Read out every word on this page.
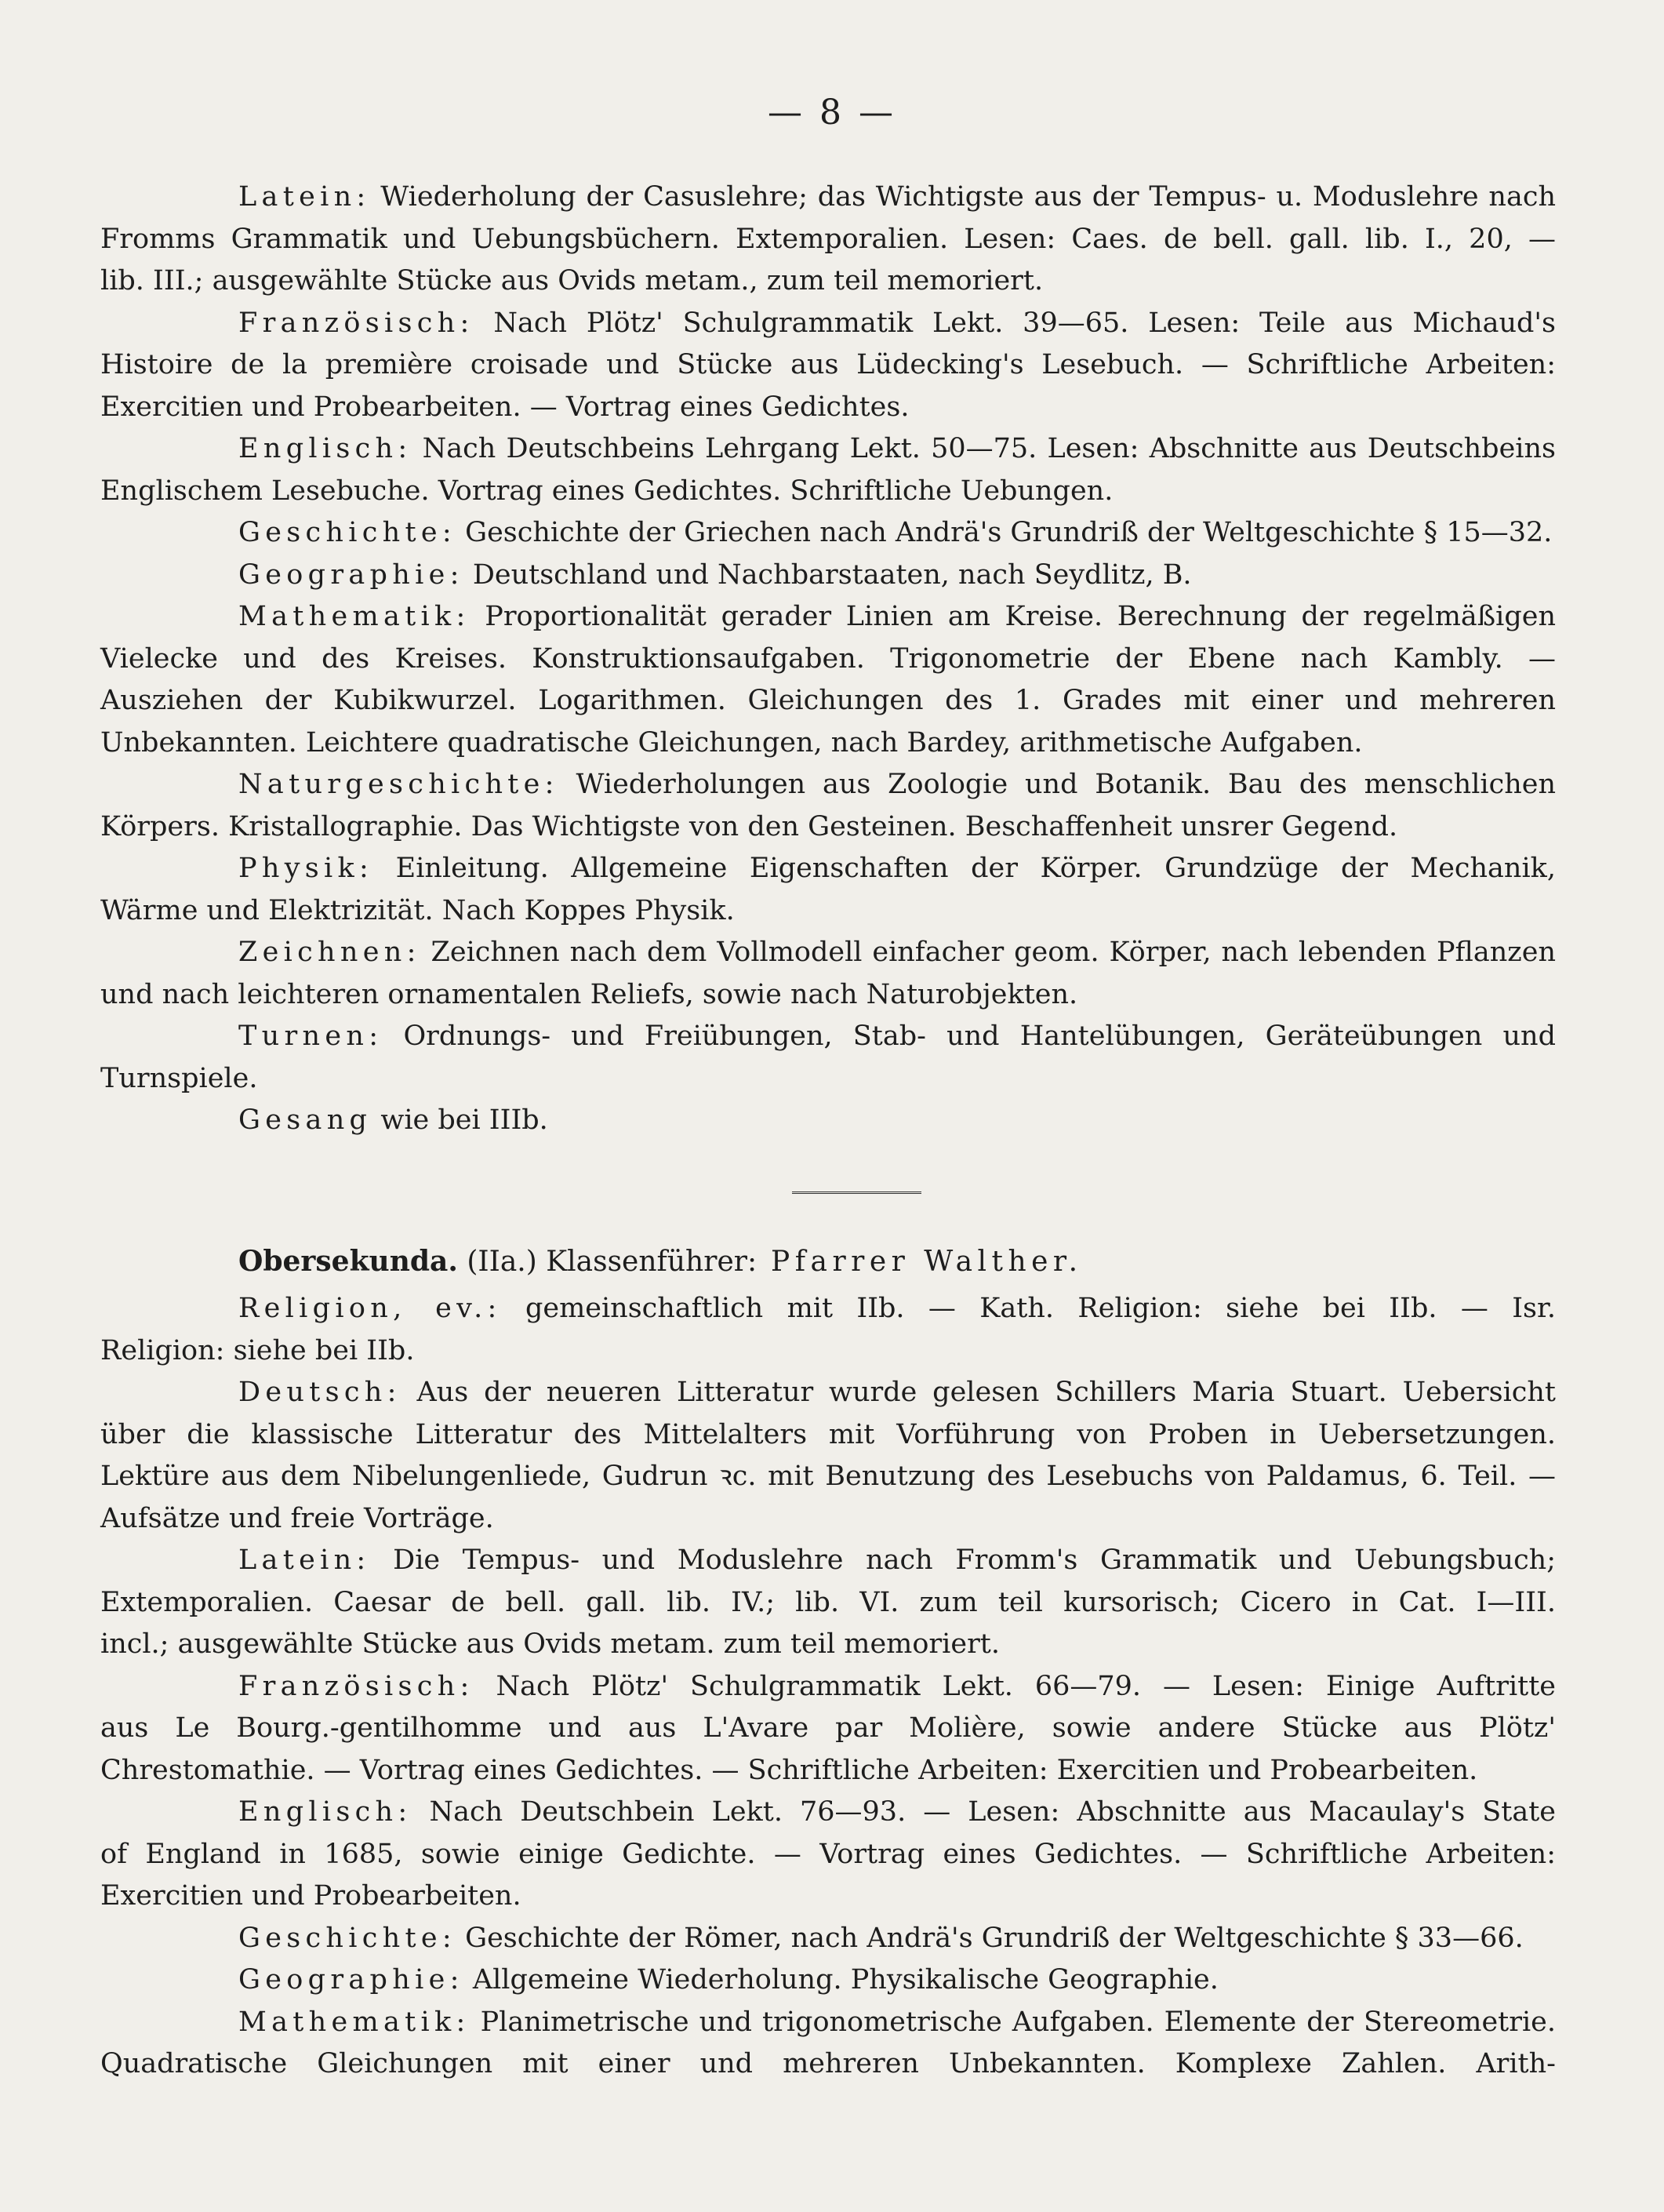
— 8 —

Latein: Wiederholung der Casuslehre; das Wichtigste aus der Tempus- u. Moduslehre nach

Fromms Grammatik und Uebungsbüchern. Extemporalien. Lesen: Caes. de bell. gall. lib. I., 20, —

lib. III.; ausgewählte Stücke aus Ovids metam., zum teil memoriert.

Französisch: Nach Plötz' Schulgrammatik Lekt. 39—65. Lesen: Teile aus Michaud's

Histoire de la première croisade und Stücke aus Lüdecking's Lesebuch. — Schriftliche Arbeiten:

Exercitien und Probearbeiten. — Vortrag eines Gedichtes.

Englisch: Nach Deutschbeins Lehrgang Lekt. 50—75. Lesen: Abschnitte aus Deutschbeins

Englischem Lesebuche. Vortrag eines Gedichtes. Schriftliche Uebungen.

Geschichte: Geschichte der Griechen nach Andrä's Grundriß der Weltgeschichte § 15—32.

Geographie: Deutschland und Nachbarstaaten, nach Seydlitz, B.

Mathematik: Proportionalität gerader Linien am Kreise. Berechnung der regelmäßigen

Vielecke und des Kreises. Konstruktionsaufgaben. Trigonometrie der Ebene nach Kambly. —

Ausziehen der Kubikwurzel. Logarithmen. Gleichungen des 1. Grades mit einer und mehreren

Unbekannten. Leichtere quadratische Gleichungen, nach Bardey, arithmetische Aufgaben.

Naturgeschichte: Wiederholungen aus Zoologie und Botanik. Bau des menschlichen

Körpers. Kristallographie. Das Wichtigste von den Gesteinen. Beschaffenheit unsrer Gegend.

Physik: Einleitung. Allgemeine Eigenschaften der Körper. Grundzüge der Mechanik,

Wärme und Elektrizität. Nach Koppes Physik.

Zeichnen: Zeichnen nach dem Vollmodell einfacher geom. Körper, nach lebenden Pflanzen

und nach leichteren ornamentalen Reliefs, sowie nach Naturobjekten.

Turnen: Ordnungs- und Freiübungen, Stab- und Hantelübungen, Geräteübungen und

Turnspiele.

Gesang wie bei IIIb.

Obersekunda. (IIa.) Klassenführer: Pfarrer Walther.

Religion, ev.: gemeinschaftlich mit IIb. — Kath. Religion: siehe bei IIb. — Isr.

Religion: siehe bei IIb.

Deutsch: Aus der neueren Litteratur wurde gelesen Schillers Maria Stuart. Uebersicht

über die klassische Litteratur des Mittelalters mit Vorführung von Proben in Uebersetzungen.

Lektüre aus dem Nibelungenliede, Gudrun ꝛc. mit Benutzung des Lesebuchs von Paldamus, 6. Teil. —

Aufsätze und freie Vorträge.

Latein: Die Tempus- und Moduslehre nach Fromm's Grammatik und Uebungsbuch;

Extemporalien. Caesar de bell. gall. lib. IV.; lib. VI. zum teil kursorisch; Cicero in Cat. I—III.

incl.; ausgewählte Stücke aus Ovids metam. zum teil memoriert.

Französisch: Nach Plötz' Schulgrammatik Lekt. 66—79. — Lesen: Einige Auftritte

aus Le Bourg.-gentilhomme und aus L'Avare par Molière, sowie andere Stücke aus Plötz'

Chrestomathie. — Vortrag eines Gedichtes. — Schriftliche Arbeiten: Exercitien und Probearbeiten.

Englisch: Nach Deutschbein Lekt. 76—93. — Lesen: Abschnitte aus Macaulay's State

of England in 1685, sowie einige Gedichte. — Vortrag eines Gedichtes. — Schriftliche Arbeiten:

Exercitien und Probearbeiten.

Geschichte: Geschichte der Römer, nach Andrä's Grundriß der Weltgeschichte § 33—66.

Geographie: Allgemeine Wiederholung. Physikalische Geographie.

Mathematik: Planimetrische und trigonometrische Aufgaben. Elemente der Stereometrie.

Quadratische Gleichungen mit einer und mehreren Unbekannten. Komplexe Zahlen. Arith-
